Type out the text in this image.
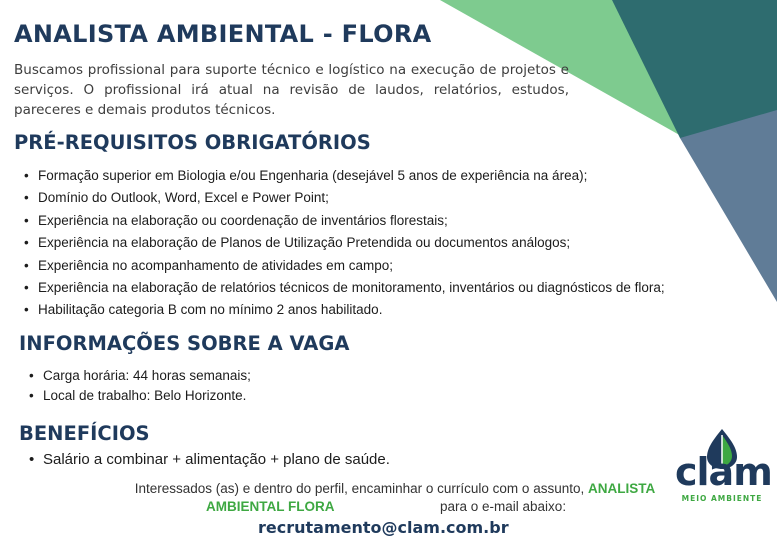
ANALISTA AMBIENTAL - FLORA

Buscamos profissional para suporte técnico e logístico na execução de projetos e serviços. O profissional irá atual na revisão de laudos, relatórios, estudos, pareceres e demais produtos técnicos.

PRÉ-REQUISITOS OBRIGATÓRIOS
• Formação superior em Biologia e/ou Engenharia (desejável 5 anos de experiência na área);
• Domínio do Outlook, Word, Excel e Power Point;
• Experiência na elaboração ou coordenação de inventários florestais;
• Experiência na elaboração de Planos de Utilização Pretendida ou documentos análogos;
• Experiência no acompanhamento de atividades em campo;
• Experiência na elaboração de relatórios técnicos de monitoramento, inventários ou diagnósticos de flora;
• Habilitação categoria B com no mínimo 2 anos habilitado.
INFORMAÇÕES SOBRE A VAGA
• Carga horária: 44 horas semanais;
• Local de trabalho: Belo Horizonte.
BENEFÍCIOS
• Salário a combinar + alimentação + plano de saúde.
Interessados (as) e dentro do perfil, encaminhar o currículo com o assunto, ANALISTA
AMBIENTAL FLORA	para o e-mail abaixo:

recrutamento@clam.com.br

clam
MEIO AMBIENTE
